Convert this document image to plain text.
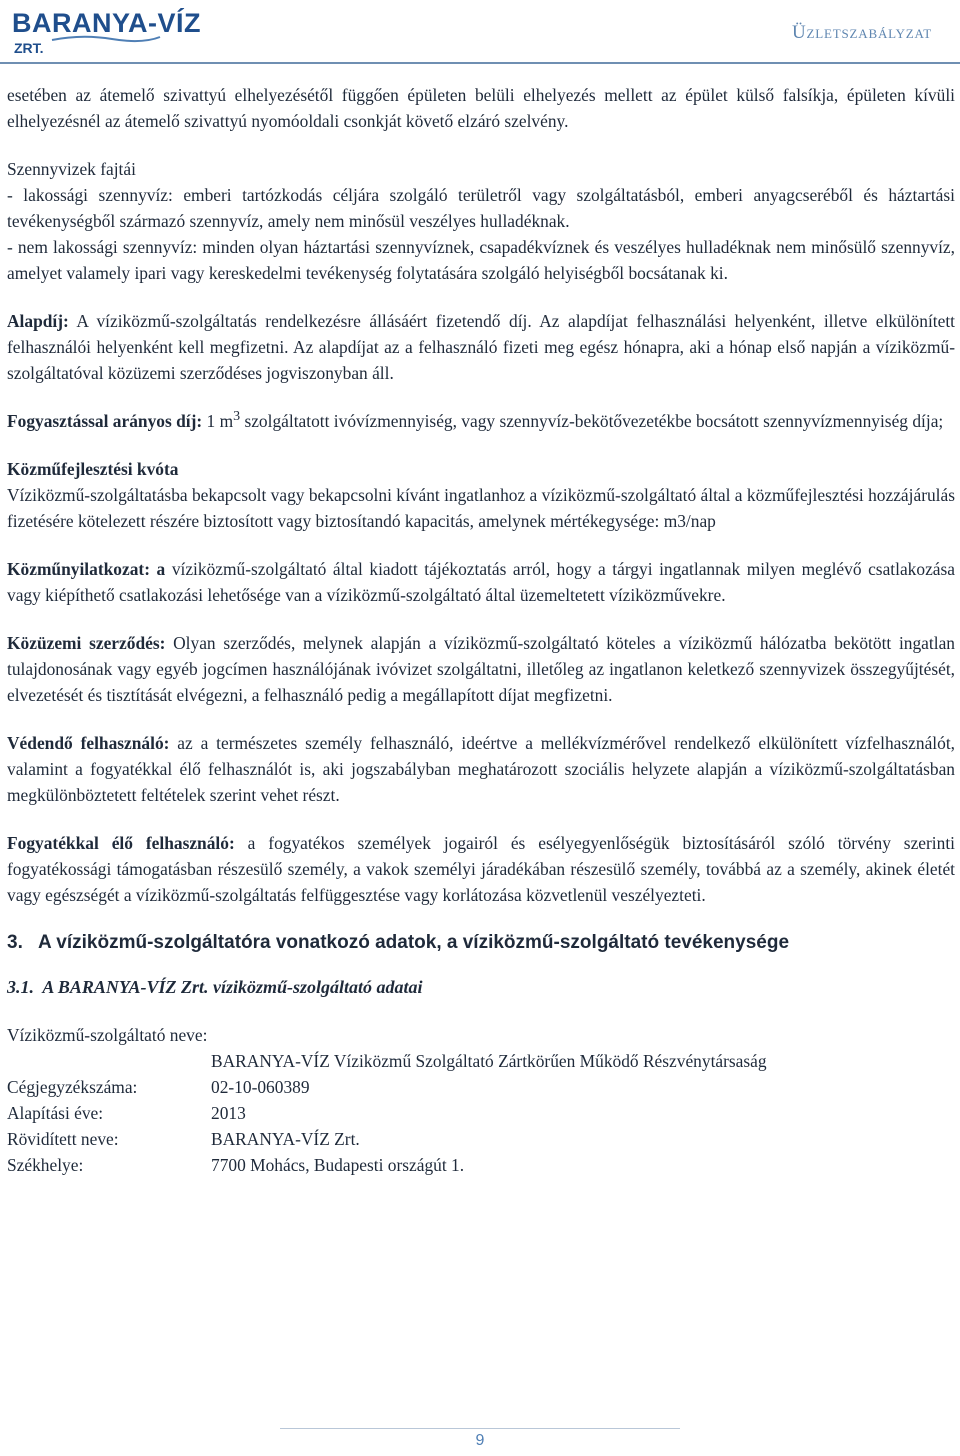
BARANYA-VÍZ
ZRT.
Üzletszabályzat

esetében az átemelő szivattyú elhelyezésétől függően épületen belüli elhelyezés mellett az épület külső falsíkja, épületen kívüli elhelyezésnél az átemelő szivattyú nyomóoldali csonkját követő elzáró szelvény.

Szennyvizek fajtái

- lakossági szennyvíz: emberi tartózkodás céljára szolgáló területről vagy szolgáltatásból, emberi anyagcseréből és háztartási tevékenységből származó szennyvíz, amely nem minősül veszélyes hulladéknak.

- nem lakossági szennyvíz: minden olyan háztartási szennyvíznek, csapadékvíznek és veszélyes hulladéknak nem minősülő szennyvíz, amelyet valamely ipari vagy kereskedelmi tevékenység folytatására szolgáló helyiségből bocsátanak ki.

Alapdíj: A víziközmű-szolgáltatás rendelkezésre állásáért fizetendő díj. Az alapdíjat felhasználási helyenként, illetve elkülönített felhasználói helyenként kell megfizetni. Az alapdíjat az a felhasználó fizeti meg egész hónapra, aki a hónap első napján a víziközmű-szolgáltatóval közüzemi szerződéses jogviszonyban áll.

Fogyasztással arányos díj: 1 $m^3$ szolgáltatott ivóvízmennyiség, vagy szennyvíz-bekötővezetékbe bocsátott szennyvízmennyiség díja;

Közműfejlesztési kvóta

Víziközmű-szolgáltatásba bekapcsolt vagy bekapcsolni kívánt ingatlanhoz a víziközmű-szolgáltató által a közműfejlesztési hozzájárulás fizetésére kötelezett részére biztosított vagy biztosítandó kapacitás, amelynek mértékegysége: m3/nap

Közműnyilatkozat: a víziközmű-szolgáltató által kiadott tájékoztatás arról, hogy a tárgyi ingatlannak milyen meglévő csatlakozása vagy kiépíthető csatlakozási lehetősége van a víziközmű-szolgáltató által üzemeltetett víziközművekre.

Közüzemi szerződés: Olyan szerződés, melynek alapján a víziközmű-szolgáltató köteles a víziközmű hálózatba bekötött ingatlan tulajdonosának vagy egyéb jogcímen használójának ivóvizet szolgáltatni, illetőleg az ingatlanon keletkező szennyvizek összegyűjtését, elvezetését és tisztítását elvégezni, a felhasználó pedig a megállapított díjat megfizetni.

Védendő felhasználó: az a természetes személy felhasználó, ideértve a mellékvízmérővel rendelkező elkülönített vízfelhasználót, valamint a fogyatékkal élő felhasználót is, aki jogszabályban meghatározott szociális helyzete alapján a víziközmű-szolgáltatásban megkülönböztetett feltételek szerint vehet részt.

Fogyatékkal élő felhasználó: a fogyatékos személyek jogairól és esélyegyenlőségük biztosításáról szóló törvény szerinti fogyatékossági támogatásban részesülő személy, a vakok személyi járadékában részesülő személy, továbbá az a személy, akinek életét vagy egészségét a víziközmű-szolgáltatás felfüggesztése vagy korlátozása közvetlenül veszélyezteti.

3.   A víziközmű-szolgáltatóra vonatkozó adatok, a víziközmű-szolgáltató tevékenysége

3.1.  A BARANYA-VÍZ Zrt. víziközmű-szolgáltató adatai

Víziközmű-szolgáltató neve:

BARANYA-VÍZ Víziközmű Szolgáltató Zártkörűen Működő Részvénytársaság

Cégjegyzékszáma:	02-10-060389
Alapítási éve:	2013
Rövidített neve:	BARANYA-VÍZ Zrt.
Székhelye:	7700 Mohács, Budapesti országút 1.
9
